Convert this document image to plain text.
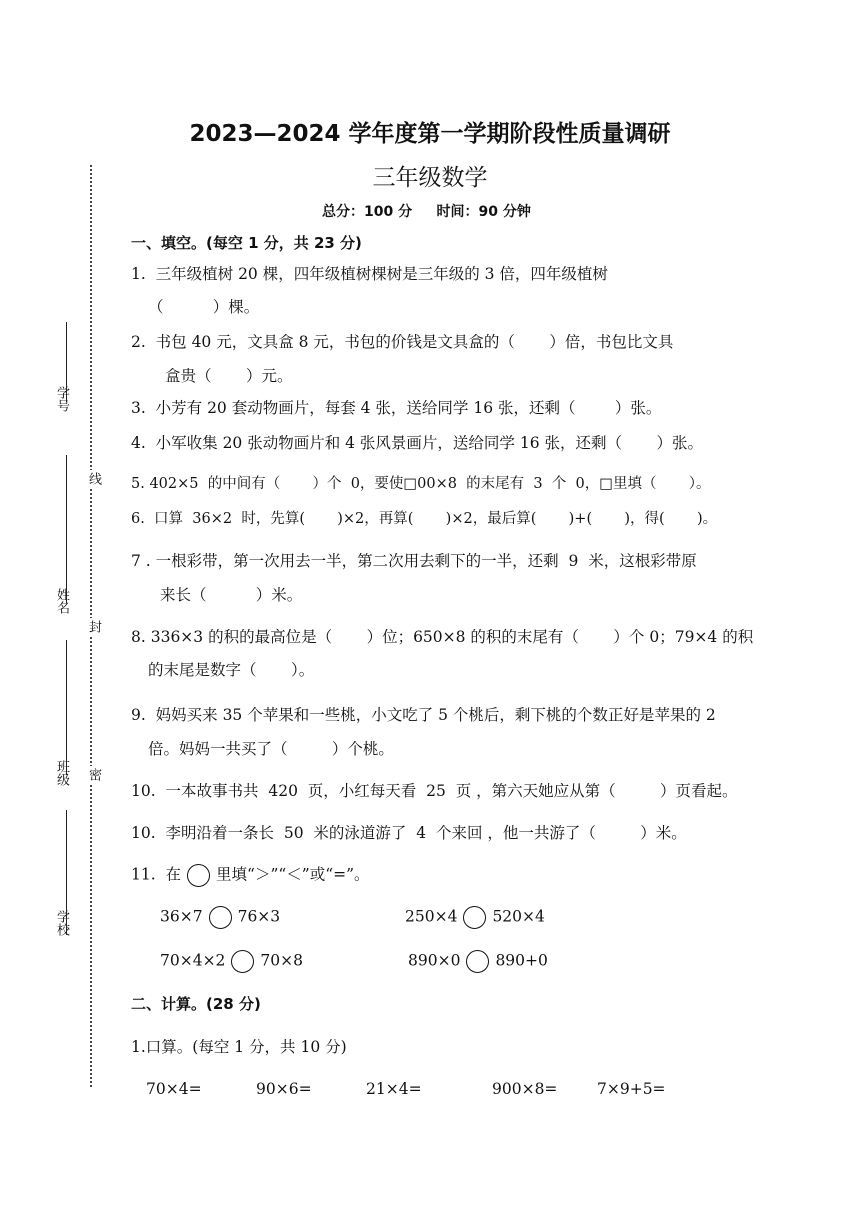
学号
姓名
班级
学校
线
封
密
2023—2024 学年度第一学期阶段性质量调研
三年级数学
总分：100 分     时间：90 分钟
一、填空。(每空 1 分，共 23 分)
1.  三年级植树 20 棵，四年级植树棵树是三年级的 3 倍，四年级植树
（          ）棵。
2.  书包 40 元，文具盒 8 元，书包的价钱是文具盒的（       ）倍，书包比文具
盒贵（       ）元。
3.  小芳有 20 套动物画片，每套 4 张，送给同学 16 张，还剩（        ）张。
4.  小军收集 20 张动物画片和 4 张风景画片，送给同学 16 张，还剩（       ）张。
5. 402×5  的中间有（       ）个  0，要使□00×8  的末尾有  3  个  0，□里填（       ）。
6.  口算  36×2  时，先算(       )×2，再算(       )×2，最后算(       )+(       )，得(       )。
7 . 一根彩带，第一次用去一半，第二次用去剩下的一半，还剩  9  米，这根彩带原
来长（          ）米。
8. 336×3 的积的最高位是（       ）位；650×8 的积的末尾有（       ）个 0；79×4 的积
的末尾是数字（       ）。
9.  妈妈买来 35 个苹果和一些桃，小文吃了 5 个桃后，剩下桃的个数正好是苹果的 2
倍。妈妈一共买了（         ）个桃。
10.  一本故事书共  420  页，小红每天看  25  页 ，第六天她应从第（         ）页看起。
10.  李明沿着一条长  50  米的泳道游了  4  个来回 ，他一共游了（         ）米。
11.  在 里填“＞”“＜”或“=”。
36×7 76×3	250×4 520×4
70×4×2 70×8	890×0 890+0
二、计算。(28 分)
1.口算。(每空 1 分，共 10 分)
70×4=	90×6=	21×4=	900×8=	7×9+5=
